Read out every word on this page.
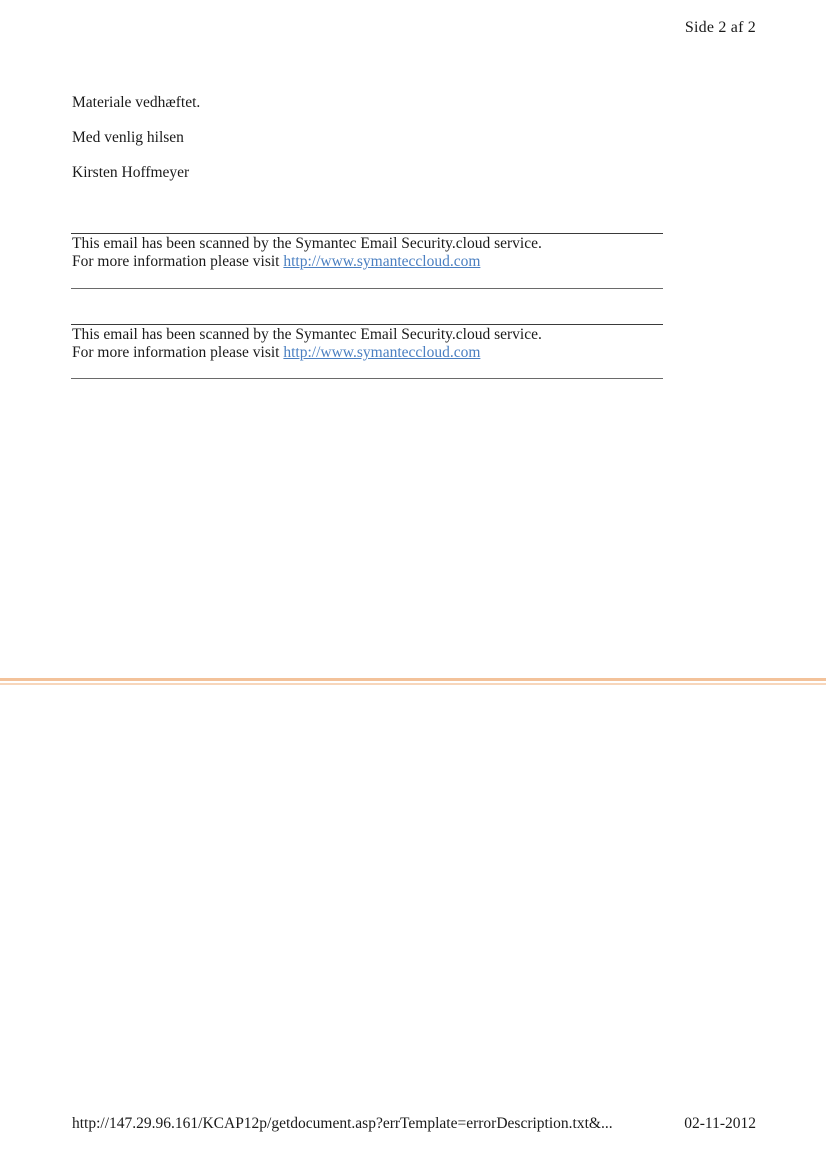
Side 2 af 2

Materiale vedhæftet.

Med venlig hilsen

Kirsten Hoffmeyer

This email has been scanned by the Symantec Email Security.cloud service.
For more information please visit http://www.symanteccloud.com
This email has been scanned by the Symantec Email Security.cloud service.
For more information please visit http://www.symanteccloud.com
http://147.29.96.161/KCAP12p/getdocument.asp?errTemplate=errorDescription.txt&...	02-11-2012
